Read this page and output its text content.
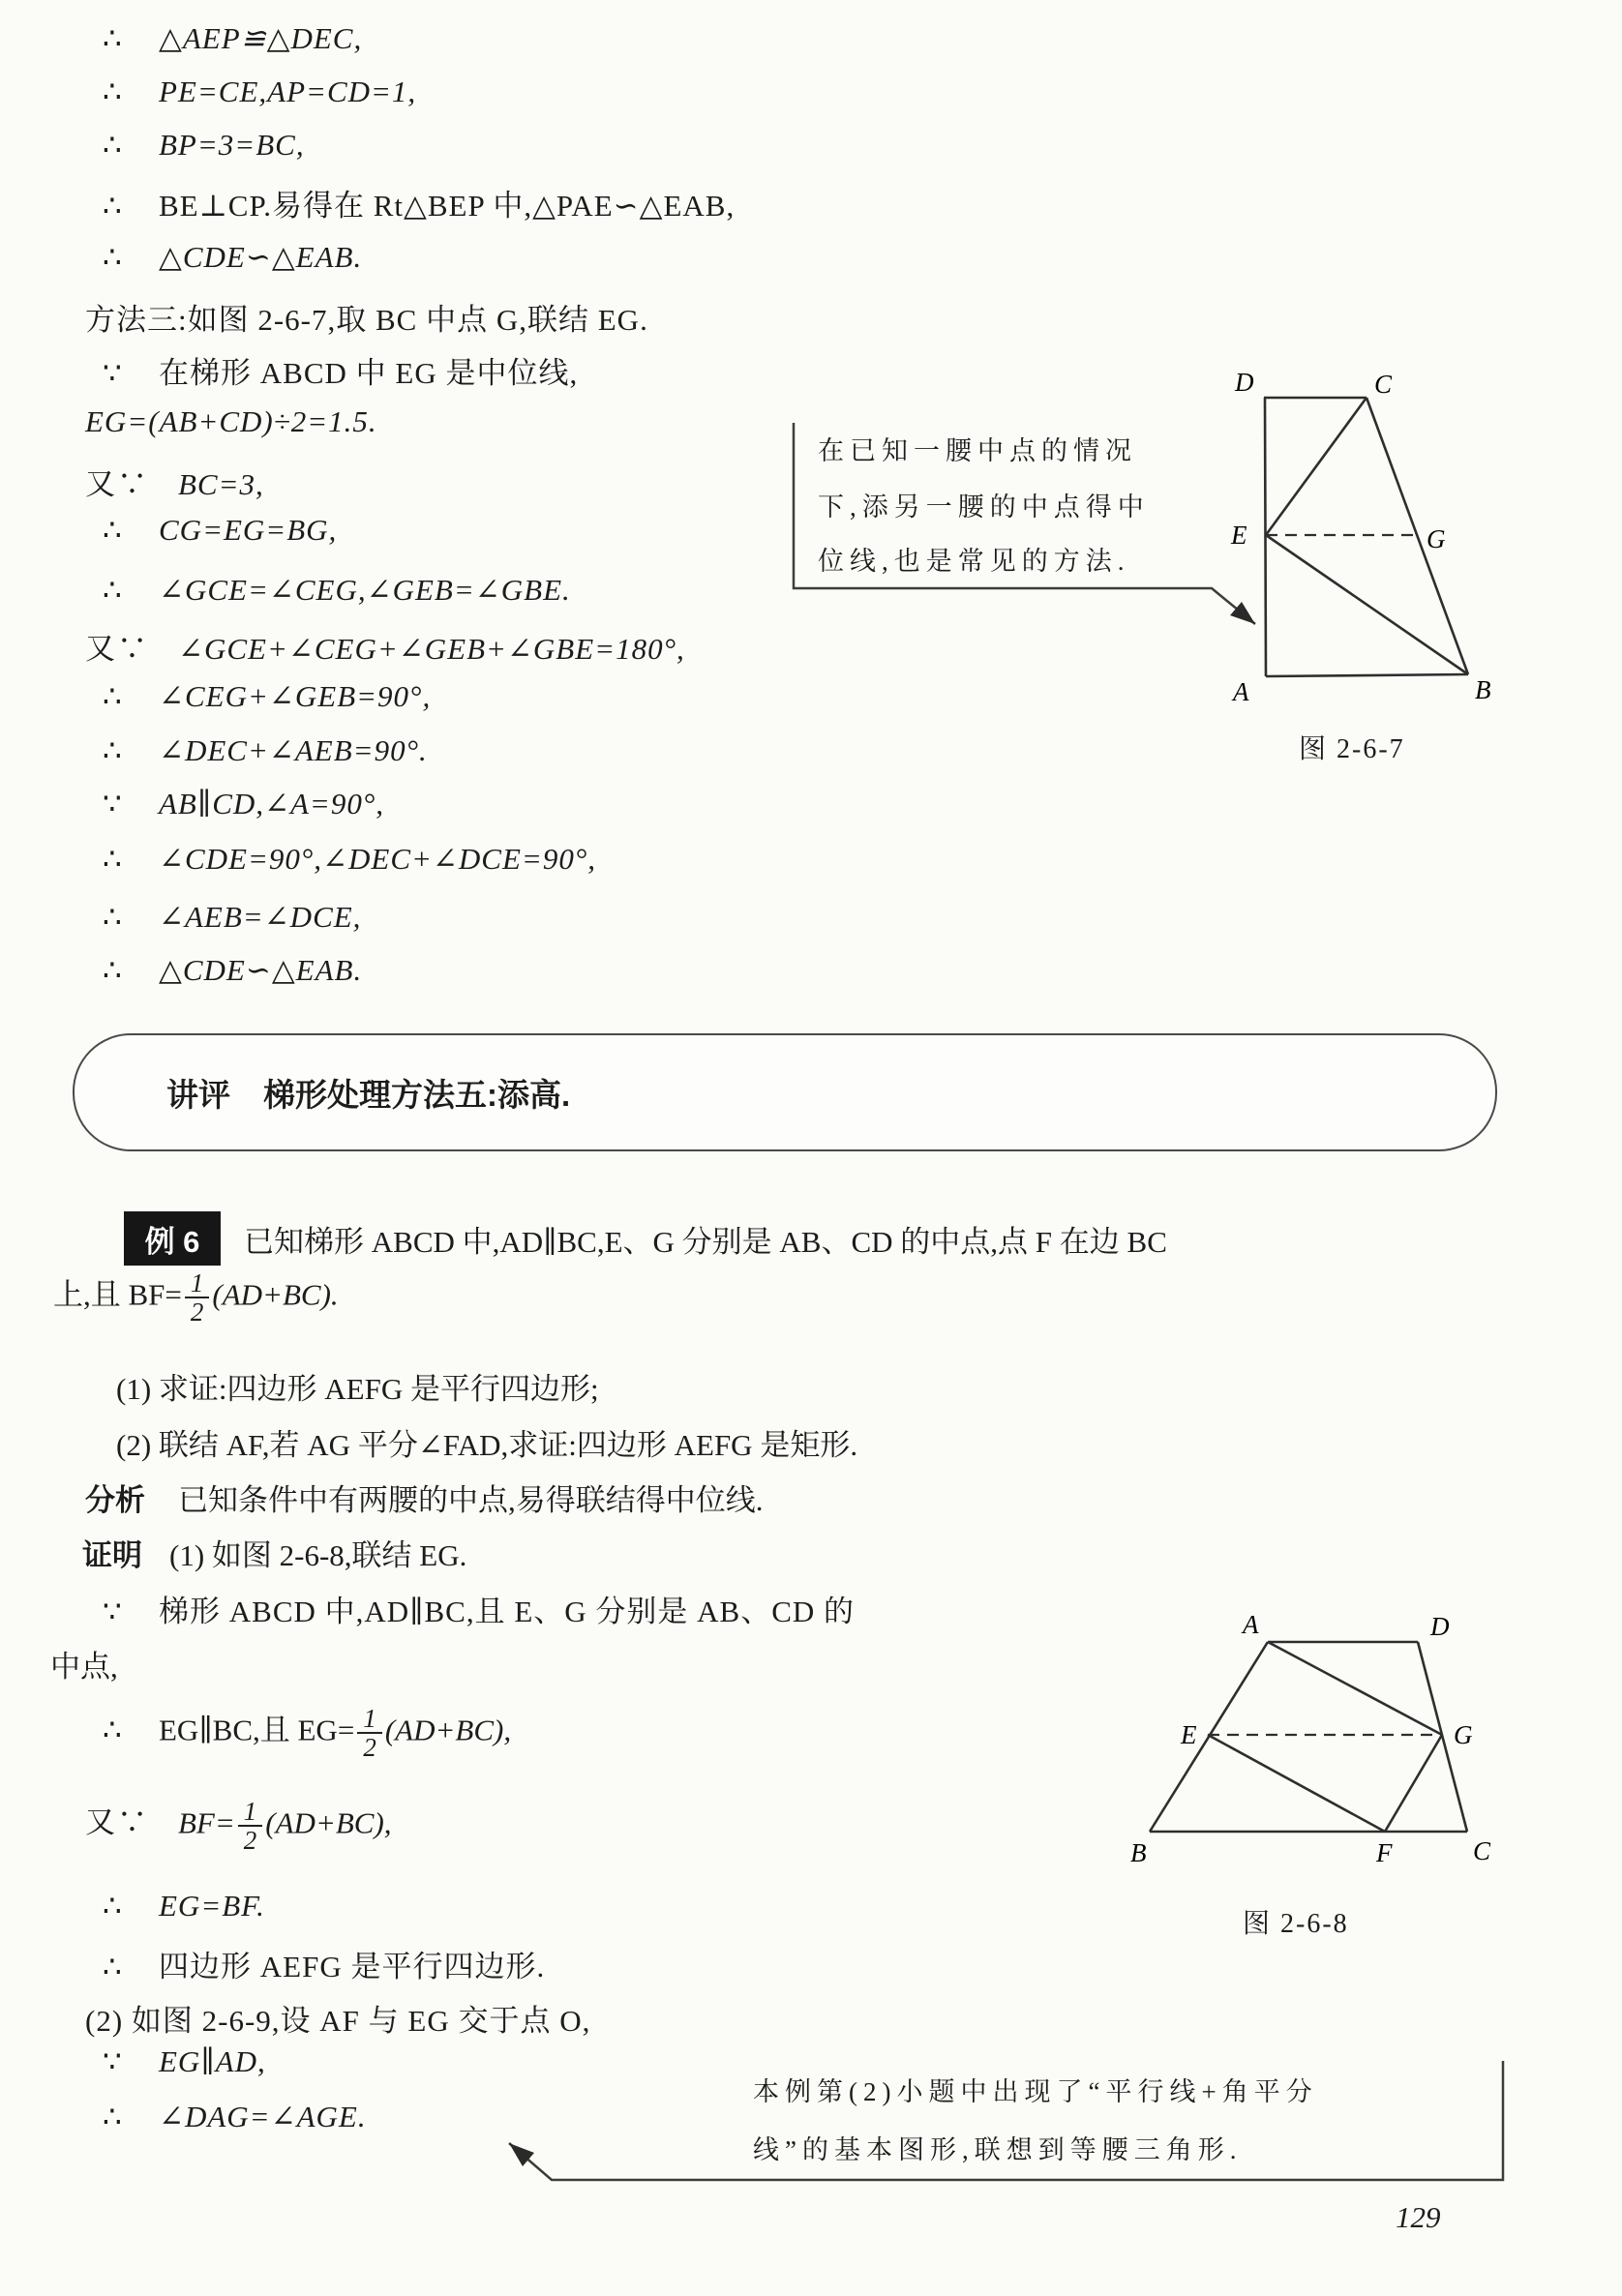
∴ △AEP≌△DEC,
∴ PE=CE,AP=CD=1,
∴ BP=3=BC,
∴ BE⊥CP.易得在 Rt△BEP 中,△PAE∽△EAB,
∴ △CDE∽△EAB.
方法三:如图 2-6-7,取 BC 中点 G,联结 EG.
∵ 在梯形 ABCD 中 EG 是中位线,
EG=(AB+CD)÷2=1.5.
又∵ BC=3,
∴ CG=EG=BG,
∴ ∠GCE=∠CEG,∠GEB=∠GBE.
又∵ ∠GCE+∠CEG+∠GEB+∠GBE=180°,
∴ ∠CEG+∠GEB=90°,
∴ ∠DEC+∠AEB=90°.
∵ AB∥CD,∠A=90°,
∴ ∠CDE=90°,∠DEC+∠DCE=90°,
∴ ∠AEB=∠DCE,
∴ △CDE∽△EAB.
在已知一腰中点的情况
下,添另一腰的中点得中
位线,也是常见的方法.
D	C
E	G
A	B
图 2-6-7
讲评 梯形处理方法五:添高.
例 6	已知梯形 ABCD 中,AD∥BC,E、G 分别是 AB、CD 的中点,点 F 在边 BC
上,且 $BF= \frac{1}{2} (AD+BC)$.
(1) 求证:四边形 AEFG 是平行四边形;
(2) 联结 AF,若 AG 平分∠FAD,求证:四边形 AEFG 是矩形.
分析 已知条件中有两腰的中点,易得联结得中位线.
证明 (1) 如图 2-6-8,联结 EG.
∵ 梯形 ABCD 中,AD∥BC,且 E、G 分别是 AB、CD 的
中点,
∴ EG∥BC,且 $EG= \frac{1}{2} (AD+BC)$,
又∵ $BF= \frac{1}{2} (AD+BC)$,
∴ EG=BF.
∴ 四边形 AEFG 是平行四边形.
(2) 如图 2-6-9,设 AF 与 EG 交于点 O,
∵ EG∥AD,
∴ ∠DAG=∠AGE.
A	D
E	G
B	C
F
图 2-6-8
本例第(2)小题中出现了“平行线+角平分
线”的基本图形,联想到等腰三角形.
129
